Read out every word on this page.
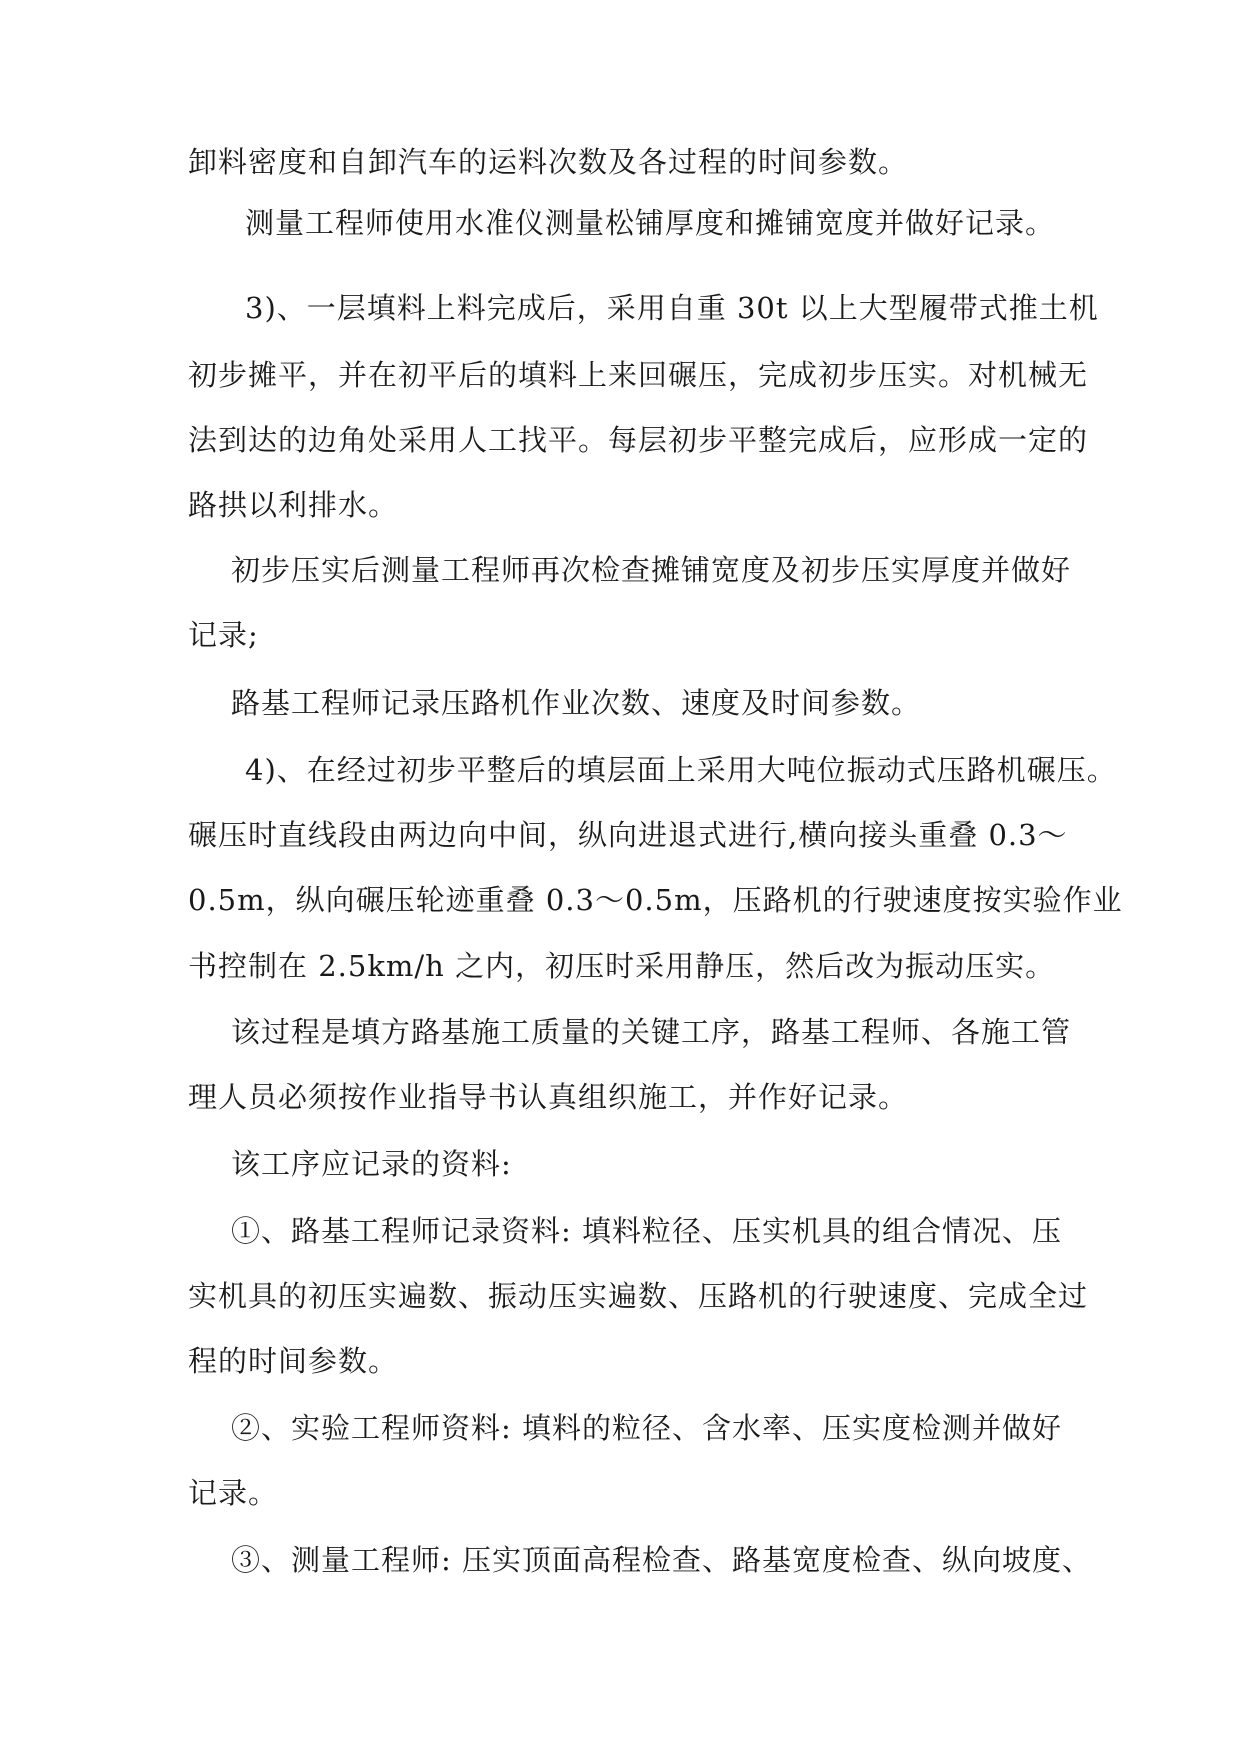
卸料密度和自卸汽车的运料次数及各过程的时间参数。
测量工程师使用水准仪测量松铺厚度和摊铺宽度并做好记录。
3)、一层填料上料完成后，采用自重 30t 以上大型履带式推土机
初步摊平，并在初平后的填料上来回碾压，完成初步压实。对机械无
法到达的边角处采用人工找平。每层初步平整完成后，应形成一定的
路拱以利排水。
初步压实后测量工程师再次检查摊铺宽度及初步压实厚度并做好
记录;
路基工程师记录压路机作业次数、速度及时间参数。
4)、在经过初步平整后的填层面上采用大吨位振动式压路机碾压。
碾压时直线段由两边向中间，纵向进退式进行,横向接头重叠 0.3～
0.5m，纵向碾压轮迹重叠 0.3～0.5m，压路机的行驶速度按实验作业
书控制在 2.5km/h 之内，初压时采用静压，然后改为振动压实。
该过程是填方路基施工质量的关键工序，路基工程师、各施工管
理人员必须按作业指导书认真组织施工，并作好记录。
该工序应记录的资料:
①、路基工程师记录资料: 填料粒径、压实机具的组合情况、压
实机具的初压实遍数、振动压实遍数、压路机的行驶速度、完成全过
程的时间参数。
②、实验工程师资料: 填料的粒径、含水率、压实度检测并做好
记录。
③、测量工程师: 压实顶面高程检查、路基宽度检查、纵向坡度、
